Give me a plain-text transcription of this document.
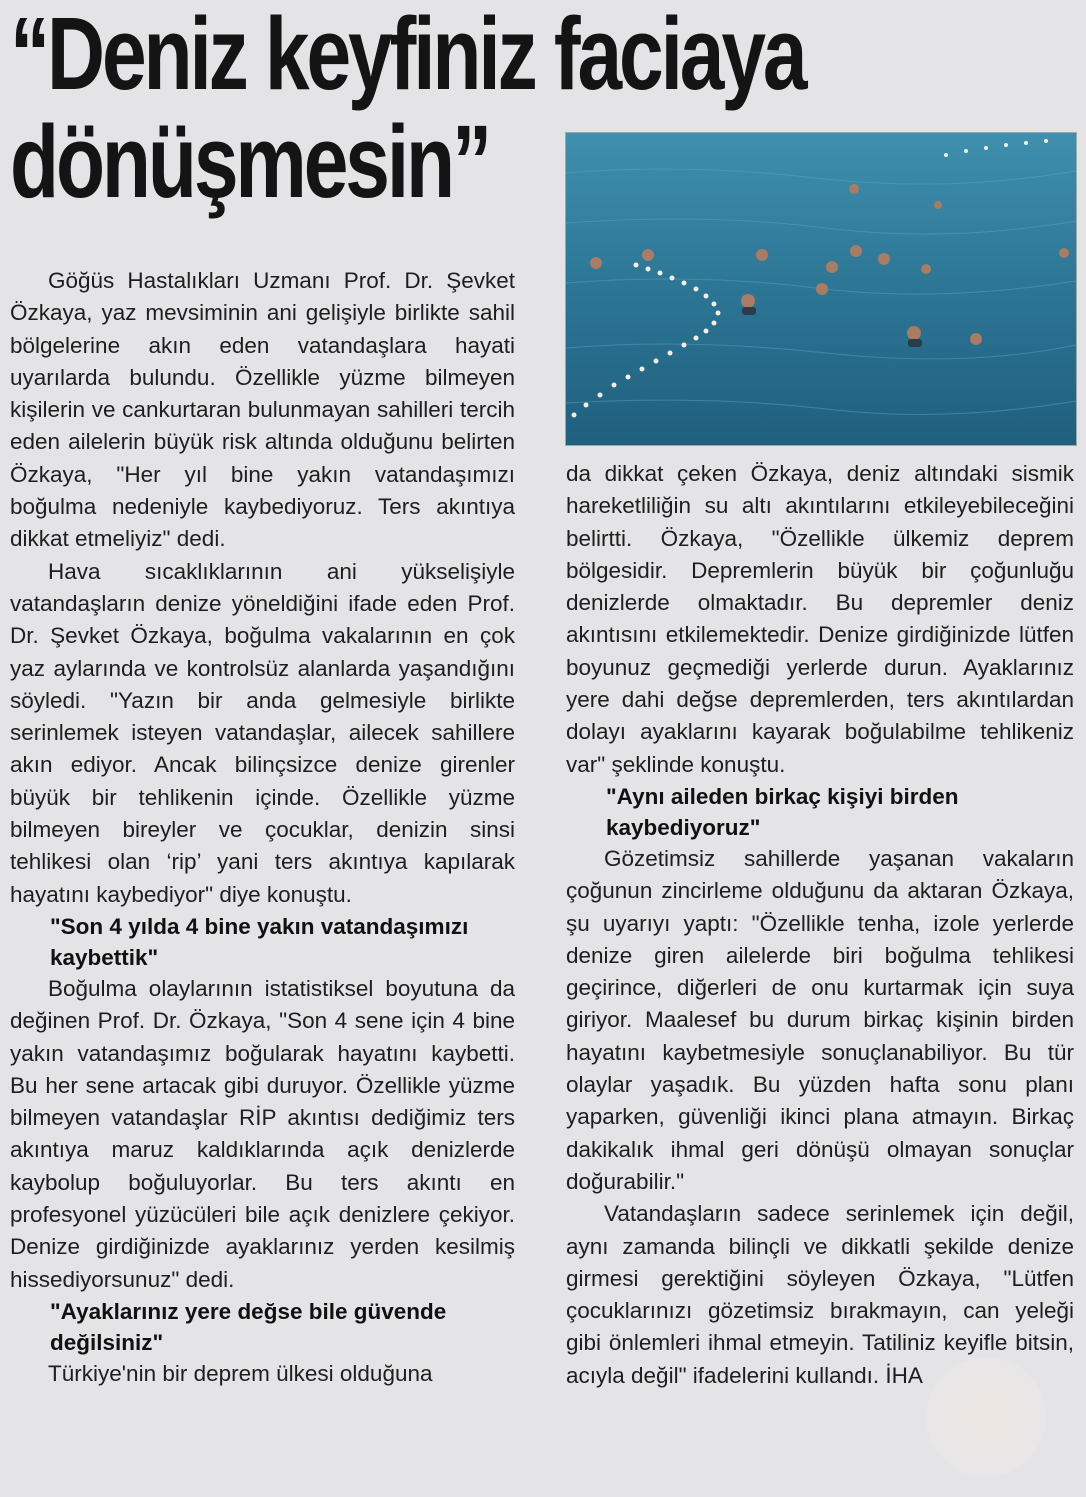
“Deniz keyfiniz faciaya
dönüşmesin”

Göğüs Hastalıkları Uzmanı Prof. Dr. Şevket Özkaya, yaz mevsiminin ani gelişiyle birlikte sahil bölgelerine akın eden vatandaşlara hayati uyarılarda bulundu. Özellikle yüzme bilmeyen kişilerin ve cankurtaran bulunmayan sahilleri tercih eden ailelerin büyük risk altında olduğunu belirten Özkaya, "Her yıl bine yakın vatandaşımızı boğulma nedeniyle kaybediyoruz. Ters akıntıya dikkat etmeliyiz" dedi.

Hava sıcaklıklarının ani yükselişiyle vatandaşların denize yöneldiğini ifade eden Prof. Dr. Şevket Özkaya, boğulma vakalarının en çok yaz aylarında ve kontrolsüz alanlarda yaşandığını söyledi. "Yazın bir anda gelmesiyle birlikte serinlemek isteyen vatandaşlar, ailecek sahillere akın ediyor. Ancak bilinçsizce denize girenler büyük bir tehlikenin içinde. Özellikle yüzme bilmeyen bireyler ve çocuklar, denizin sinsi tehlikesi olan ‘rip’ yani ters akıntıya kapılarak hayatını kaybediyor" diye konuştu.

"Son 4 yılda 4 bine yakın vatandaşımızı kaybettik"

Boğulma olaylarının istatistiksel boyutuna da değinen Prof. Dr. Özkaya, "Son 4 sene için 4 bine yakın vatandaşımız boğularak hayatını kaybetti. Bu her sene artacak gibi duruyor. Özellikle yüzme bilmeyen vatandaşlar RİP akıntısı dediğimiz ters akıntıya maruz kaldıklarında açık denizlerde kaybolup boğuluyorlar. Bu ters akıntı en profesyonel yüzücüleri bile açık denizlere çekiyor. Denize girdiğinizde ayaklarınız yerden kesilmiş hissediyorsunuz" dedi.

"Ayaklarınız yere değse bile güvende değilsiniz"

Türkiye'nin bir deprem ülkesi olduğuna

da dikkat çeken Özkaya, deniz altındaki sismik hareketliliğin su altı akıntılarını etkileyebileceğini belirtti. Özkaya, "Özellikle ülkemiz deprem bölgesidir. Depremlerin büyük bir çoğunluğu denizlerde olmaktadır. Bu depremler deniz akıntısını etkilemektedir. Denize girdiğinizde lütfen boyunuz geçmediği yerlerde durun. Ayaklarınız yere dahi değse depremlerden, ters akıntılardan dolayı ayaklarını kayarak boğulabilme tehlikeniz var" şeklinde konuştu.

"Aynı aileden birkaç kişiyi birden kaybediyoruz"

Gözetimsiz sahillerde yaşanan vakaların çoğunun zincirleme olduğunu da aktaran Özkaya, şu uyarıyı yaptı: "Özellikle tenha, izole yerlerde denize giren ailelerde biri boğulma tehlikesi geçirince, diğerleri de onu kurtarmak için suya giriyor. Maalesef bu durum birkaç kişinin birden hayatını kaybetmesiyle sonuçlanabiliyor. Bu tür olaylar yaşadık. Bu yüzden hafta sonu planı yaparken, güvenliği ikinci plana atmayın. Birkaç dakikalık ihmal geri dönüşü olmayan sonuçlar doğurabilir."

Vatandaşların sadece serinlemek için değil, aynı zamanda bilinçli ve dikkatli şekilde denize girmesi gerektiğini söyleyen Özkaya, "Lütfen çocuklarınızı gözetimsiz bırakmayın, can yeleği gibi önlemleri ihmal etmeyin. Tatiliniz keyifle bitsin, acıyla değil" ifadelerini kullandı. İHA
